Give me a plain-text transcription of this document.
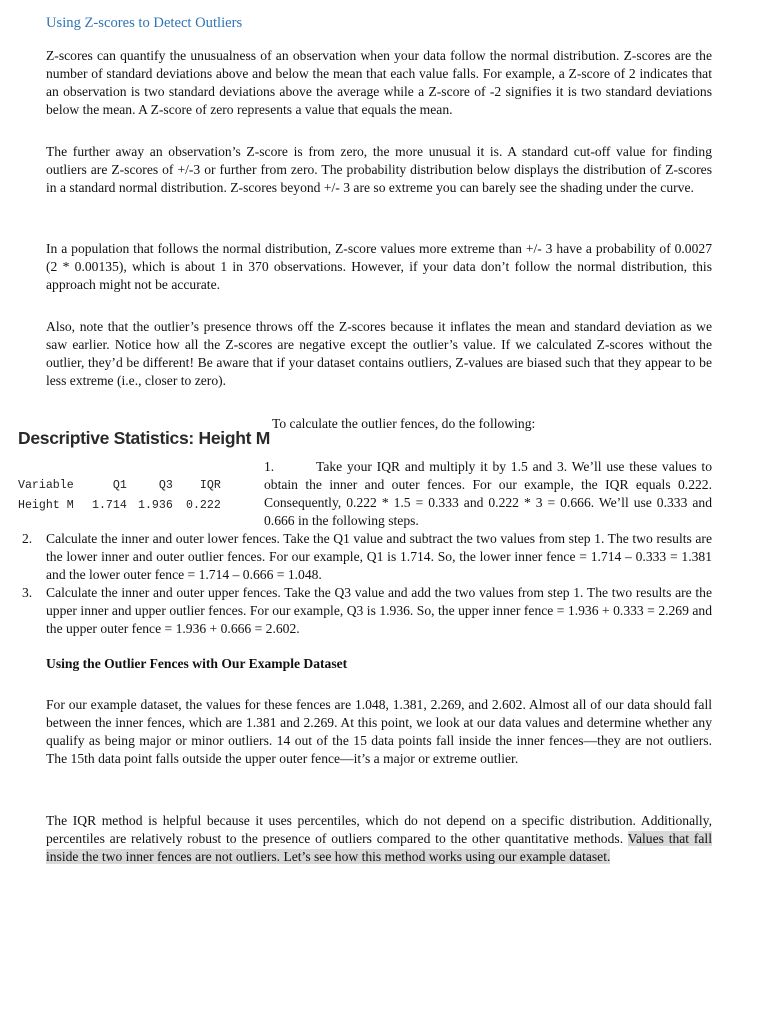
Using Z-scores to Detect Outliers

Z-scores can quantify the unusualness of an observation when your data follow the normal distribution. Z-scores are the number of standard deviations above and below the mean that each value falls. For example, a Z-score of 2 indicates that an observation is two standard deviations above the average while a Z-score of -2 signifies it is two standard deviations below the mean. A Z-score of zero represents a value that equals the mean.

The further away an observation’s Z-score is from zero, the more unusual it is. A standard cut-off value for finding outliers are Z-scores of +/-3 or further from zero. The probability distribution below displays the distribution of Z-scores in a standard normal distribution. Z-scores beyond +/- 3 are so extreme you can barely see the shading under the curve.

In a population that follows the normal distribution, Z-score values more extreme than +/- 3 have a probability of 0.0027 (2 * 0.00135), which is about 1 in 370 observations. However, if your data don’t follow the normal distribution, this approach might not be accurate.

Also, note that the outlier’s presence throws off the Z-scores because it inflates the mean and standard deviation as we saw earlier. Notice how all the Z-scores are negative except the outlier’s value. If we calculated Z-scores without the outlier, they’d be different! Be aware that if your dataset contains outliers, Z-values are biased such that they appear to be less extreme (i.e., closer to zero).

To calculate the outlier fences, do the following:
Descriptive Statistics: Height M
Variable	Q1	Q3	IQR
Height M	1.714	1.936	0.222

1.	Take your IQR and multiply it by 1.5 and 3. We’ll use these values to obtain the inner and outer fences. For our example, the IQR equals 0.222. Consequently, 0.222 * 1.5 = 0.333 and 0.222 * 3 = 0.666. We’ll use 0.333 and 0.666 in the following steps.

2. Calculate the inner and outer lower fences. Take the Q1 value and subtract the two values from step 1. The two results are the lower inner and outer outlier fences. For our example, Q1 is 1.714. So, the lower inner fence = 1.714 – 0.333 = 1.381 and the lower outer fence = 1.714 – 0.666 = 1.048.

3. Calculate the inner and outer upper fences. Take the Q3 value and add the two values from step 1. The two results are the upper inner and upper outlier fences. For our example, Q3 is 1.936. So, the upper inner fence = 1.936 + 0.333 = 2.269 and the upper outer fence = 1.936 + 0.666 = 2.602.

Using the Outlier Fences with Our Example Dataset

For our example dataset, the values for these fences are 1.048, 1.381, 2.269, and 2.602. Almost all of our data should fall between the inner fences, which are 1.381 and 2.269. At this point, we look at our data values and determine whether any qualify as being major or minor outliers. 14 out of the 15 data points fall inside the inner fences—they are not outliers. The 15th data point falls outside the upper outer fence—it’s a major or extreme outlier.

The IQR method is helpful because it uses percentiles, which do not depend on a specific distribution. Additionally, percentiles are relatively robust to the presence of outliers compared to the other quantitative methods. Values that fall inside the two inner fences are not outliers. Let’s see how this method works using our example dataset.
